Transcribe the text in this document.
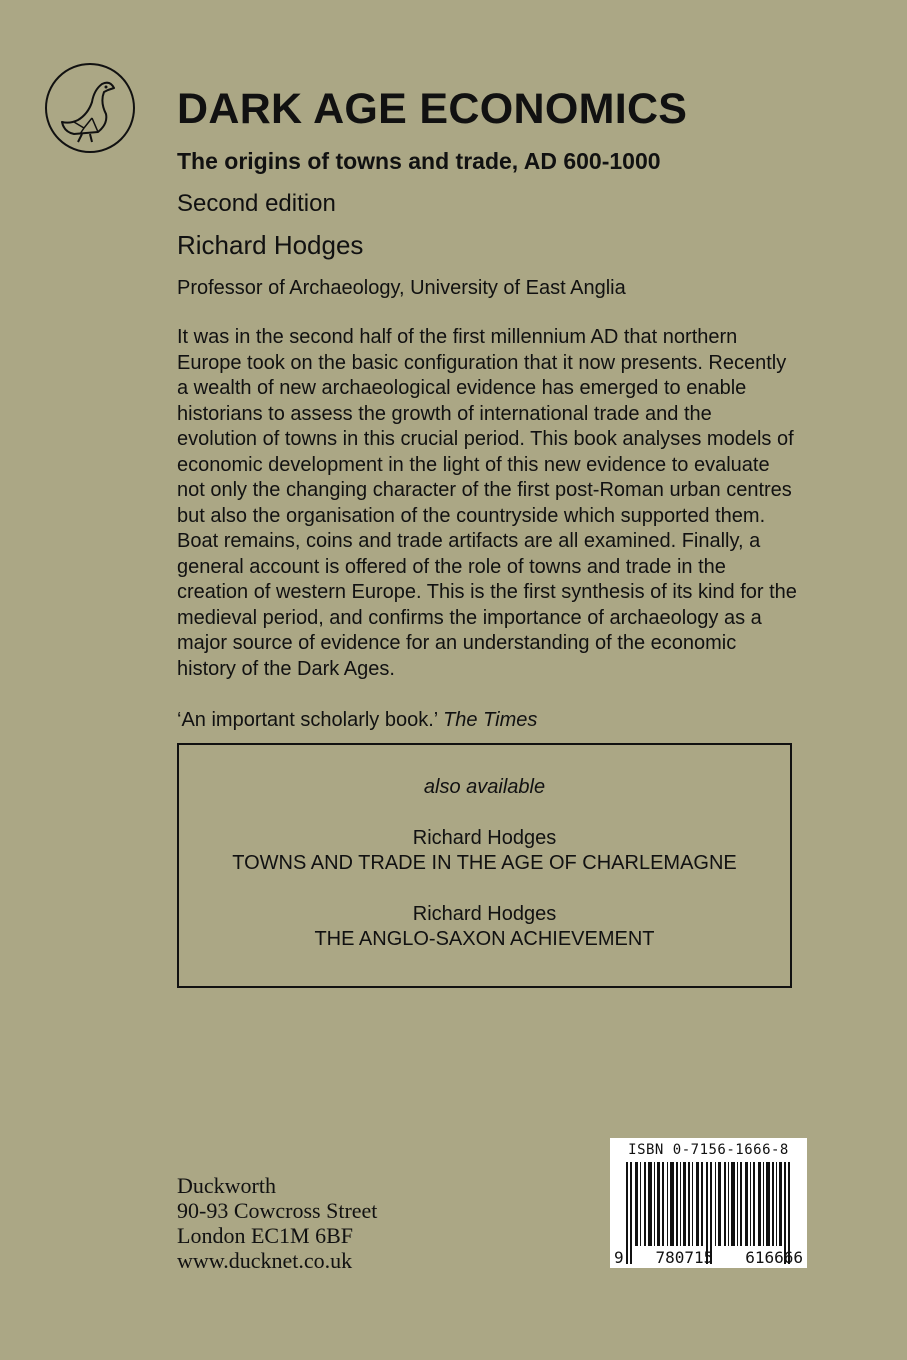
DARK AGE ECONOMICS
The origins of towns and trade, AD 600-1000
Second edition
Richard Hodges
Professor of Archaeology, University of East Anglia

It was in the second half of the first millennium AD that northern Europe took on the basic configuration that it now presents. Recently a wealth of new archaeological evidence has emerged to enable historians to assess the growth of international trade and the evolution of towns in this crucial period. This book analyses models of economic development in the light of this new evidence to evaluate not only the changing character of the first post-Roman urban centres but also the organisation of the countryside which supported them. Boat remains, coins and trade artifacts are all examined. Finally, a general account is offered of the role of towns and trade in the creation of western Europe. This is the first synthesis of its kind for the medieval period, and confirms the importance of archaeology as a major source of evidence for an understanding of the economic history of the Dark Ages.

‘An important scholarly book.’ The Times
also available
Richard Hodges
TOWNS AND TRADE IN THE AGE OF CHARLEMAGNE
Richard Hodges
THE ANGLO-SAXON ACHIEVEMENT
Duckworth
90-93 Cowcross Street
London EC1M 6BF
www.ducknet.co.uk
ISBN 0-7156-1666-8
9 780715 616666
